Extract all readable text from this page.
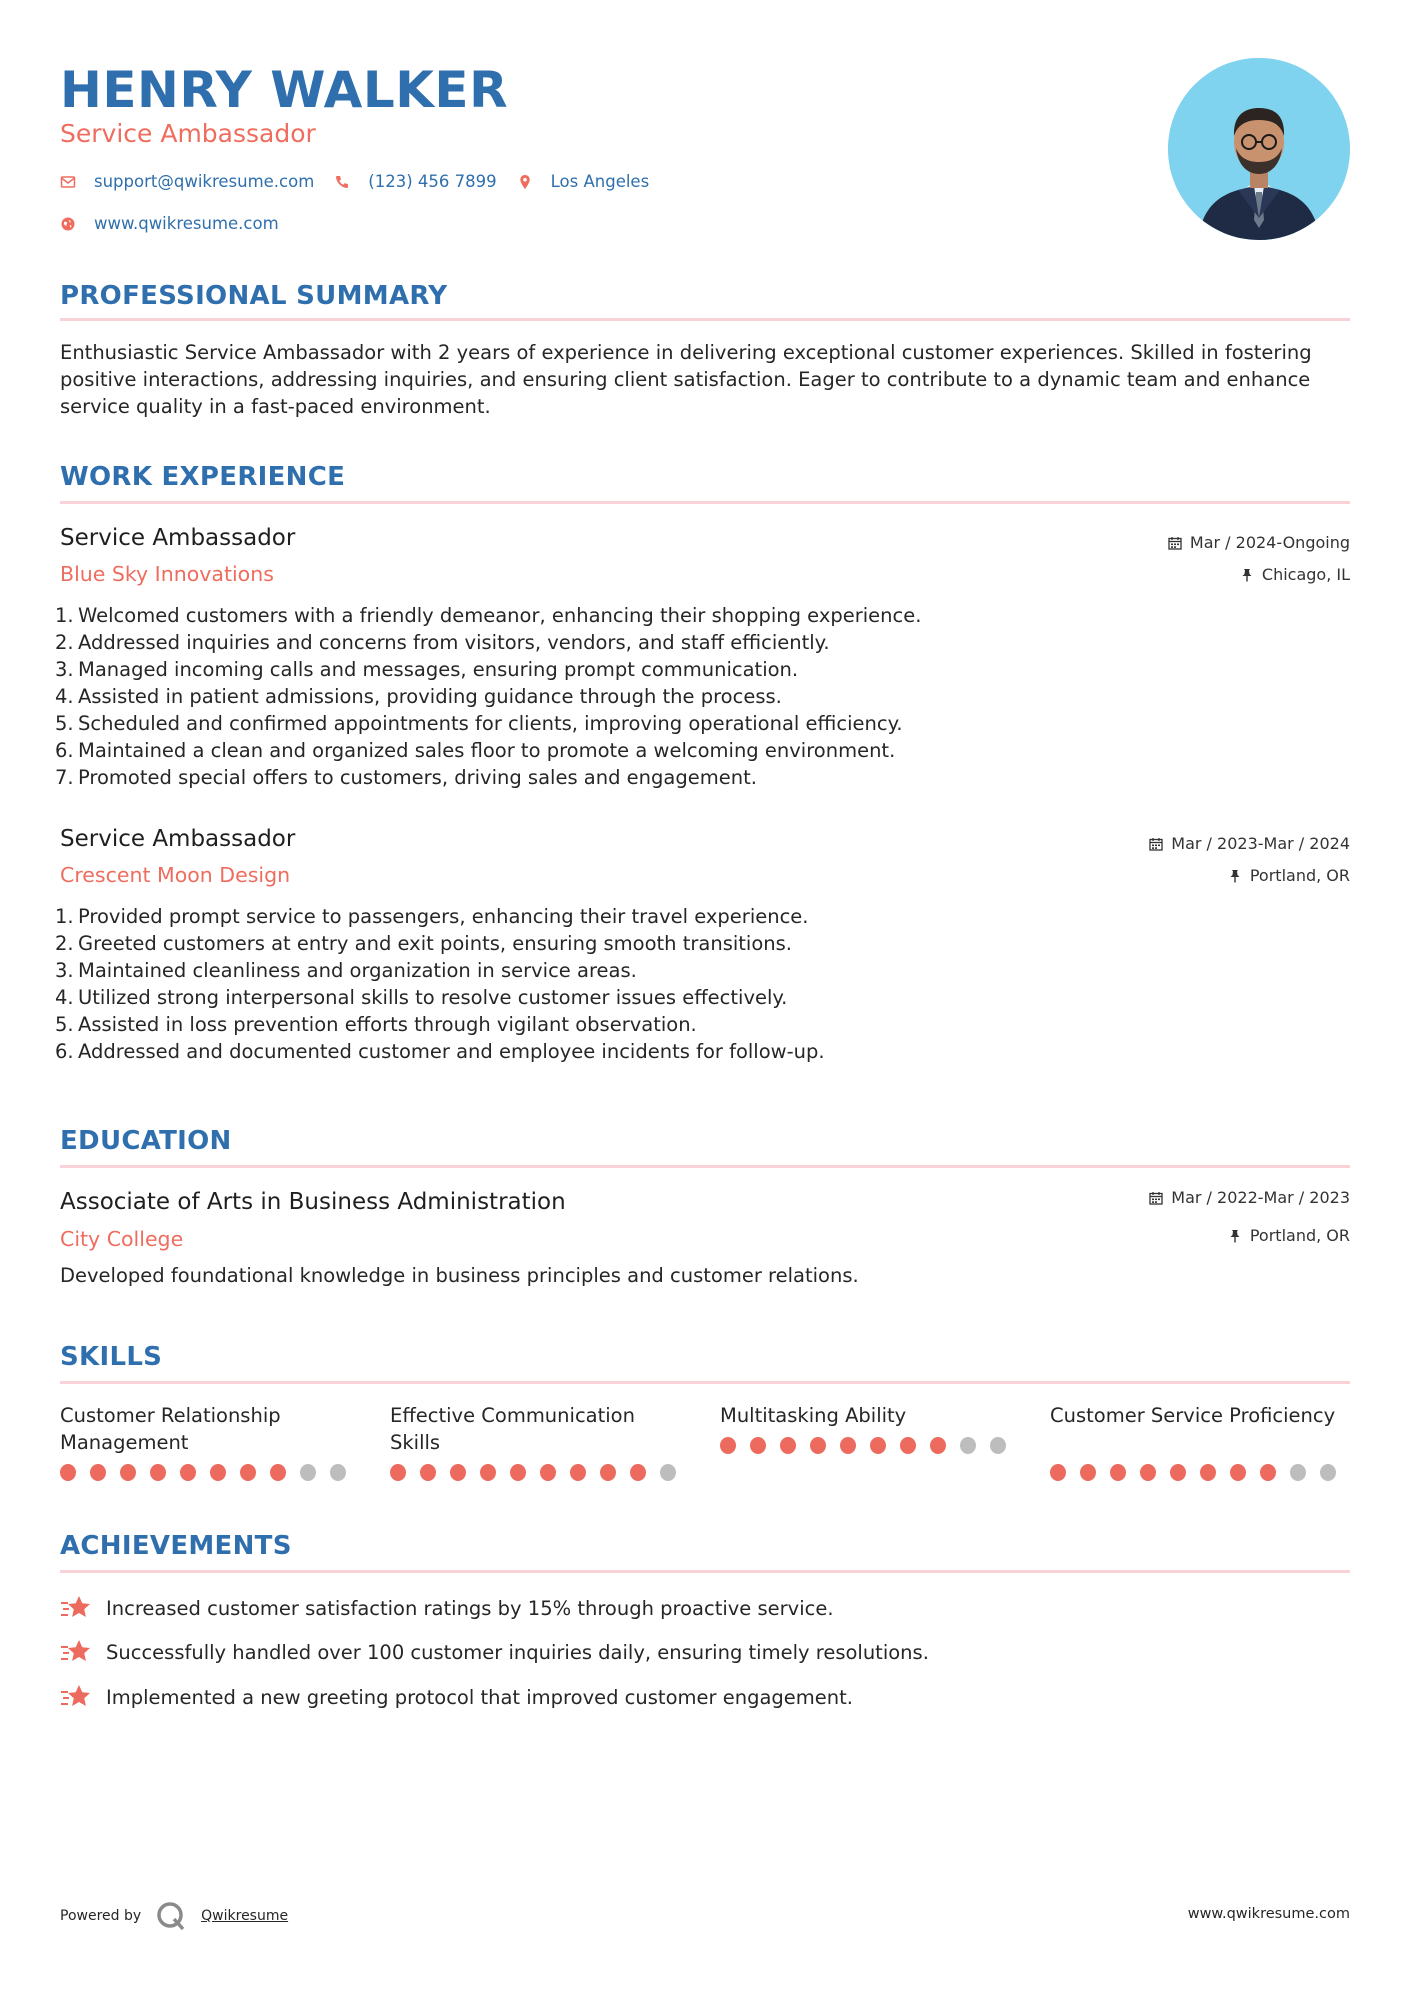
HENRY WALKER
Service Ambassador
support@qwikresume.com	(123) 456 7899	Los Angeles
www.qwikresume.com
PROFESSIONAL SUMMARY
Enthusiastic Service Ambassador with 2 years of experience in delivering exceptional customer experiences. Skilled in fostering positive interactions, addressing inquiries, and ensuring client satisfaction. Eager to contribute to a dynamic team and enhance service quality in a fast-paced environment.
WORK EXPERIENCE
Service Ambassador
Blue Sky Innovations
Mar / 2024-Ongoing
Chicago, IL
1. Welcomed customers with a friendly demeanor, enhancing their shopping experience.
2. Addressed inquiries and concerns from visitors, vendors, and staff efficiently.
3. Managed incoming calls and messages, ensuring prompt communication.
4. Assisted in patient admissions, providing guidance through the process.
5. Scheduled and confirmed appointments for clients, improving operational efficiency.
6. Maintained a clean and organized sales floor to promote a welcoming environment.
7. Promoted special offers to customers, driving sales and engagement.
Service Ambassador
Crescent Moon Design
Mar / 2023-Mar / 2024
Portland, OR
1. Provided prompt service to passengers, enhancing their travel experience.
2. Greeted customers at entry and exit points, ensuring smooth transitions.
3. Maintained cleanliness and organization in service areas.
4. Utilized strong interpersonal skills to resolve customer issues effectively.
5. Assisted in loss prevention efforts through vigilant observation.
6. Addressed and documented customer and employee incidents for follow-up.
EDUCATION
Associate of Arts in Business Administration
City College
Mar / 2022-Mar / 2023
Portland, OR
Developed foundational knowledge in business principles and customer relations.
SKILLS
Customer Relationship Management
Effective Communication Skills
Multitasking Ability	Customer Service Proficiency
ACHIEVEMENTS
Increased customer satisfaction ratings by 15% through proactive service.
Successfully handled over 100 customer inquiries daily, ensuring timely resolutions.
Implemented a new greeting protocol that improved customer engagement.
Powered by	Qwikresume	www.qwikresume.com
